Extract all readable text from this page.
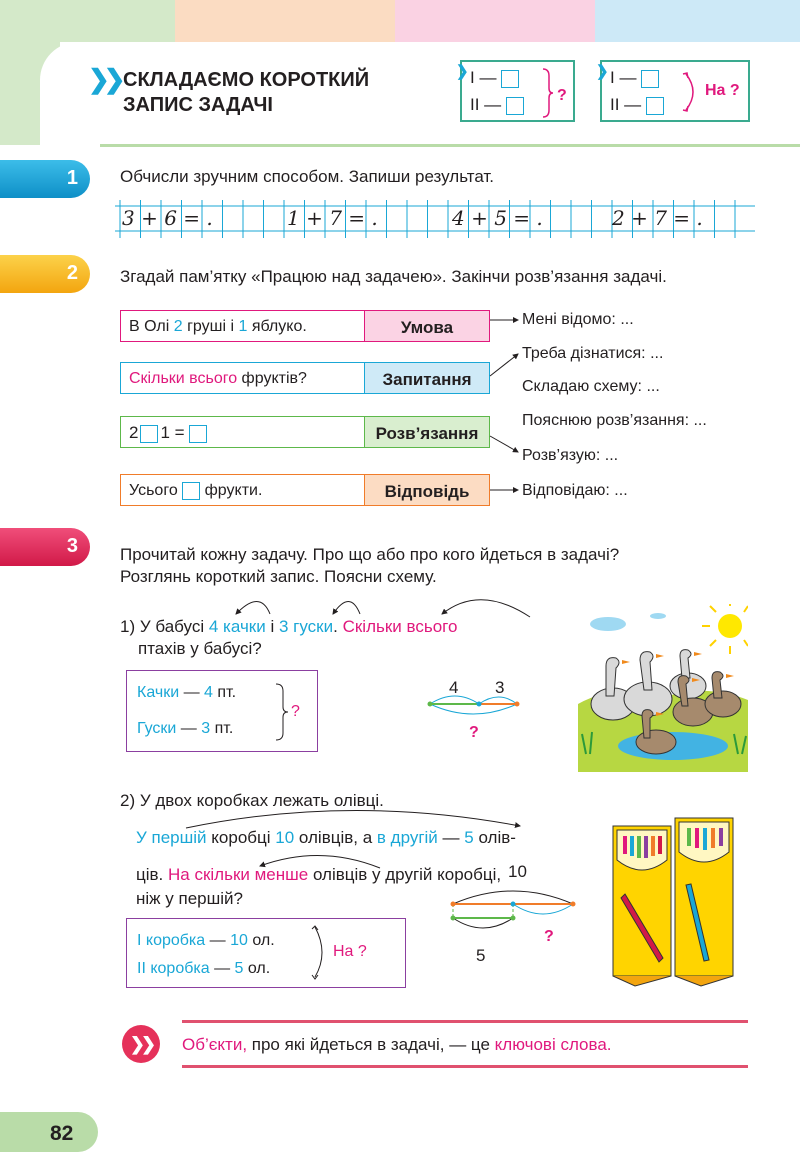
❯❯ СКЛАДАЄМО КОРОТКИЙ
ЗАПИС ЗАДАЧІ
❯ I —
II —	?
❯ I —
II —
На ?
1 Обчисли зручним способом. Запиши результат.
3 + 6 = .	1 + 7 = .	4 + 5 = .	2 + 7 = .
2 Згадай пам’ятку «Працюю над задачею». Закінчи розв’язання задачі.
В Олі 2 груші і 1 яблуко.	Умова
Скільки всього фруктів?	Запитання
2 1 =	Розв’язання
Усього фрукти.	Відповідь
Мені відомо: ...
Треба дізнатися: ...
Складаю схему: ...
Пояснюю розв’язання: ...
Розв’язую: ...
Відповідаю: ...
3 Прочитай кожну задачу. Про що або про кого йдеться в задачі?
Розглянь короткий запис. Поясни схему.
1) У бабусі 4 качки і 3 гуски. Скільки всього
птахів у бабусі?
Качки — 4 пт.
Гуски — 3 пт.
?
4 3
?
2) У двох коробках лежать олівці.
У першій коробці 10 олівців, а в другій — 5 олів-
ців. На скільки менше олівців у другій коробці,
ніж у першій?
I коробка — 10 ол.
II коробка — 5 ол.
На ?
10
5
?
❯❯	Об’єкти, про які йдеться в задачі, — це ключові слова.
82
